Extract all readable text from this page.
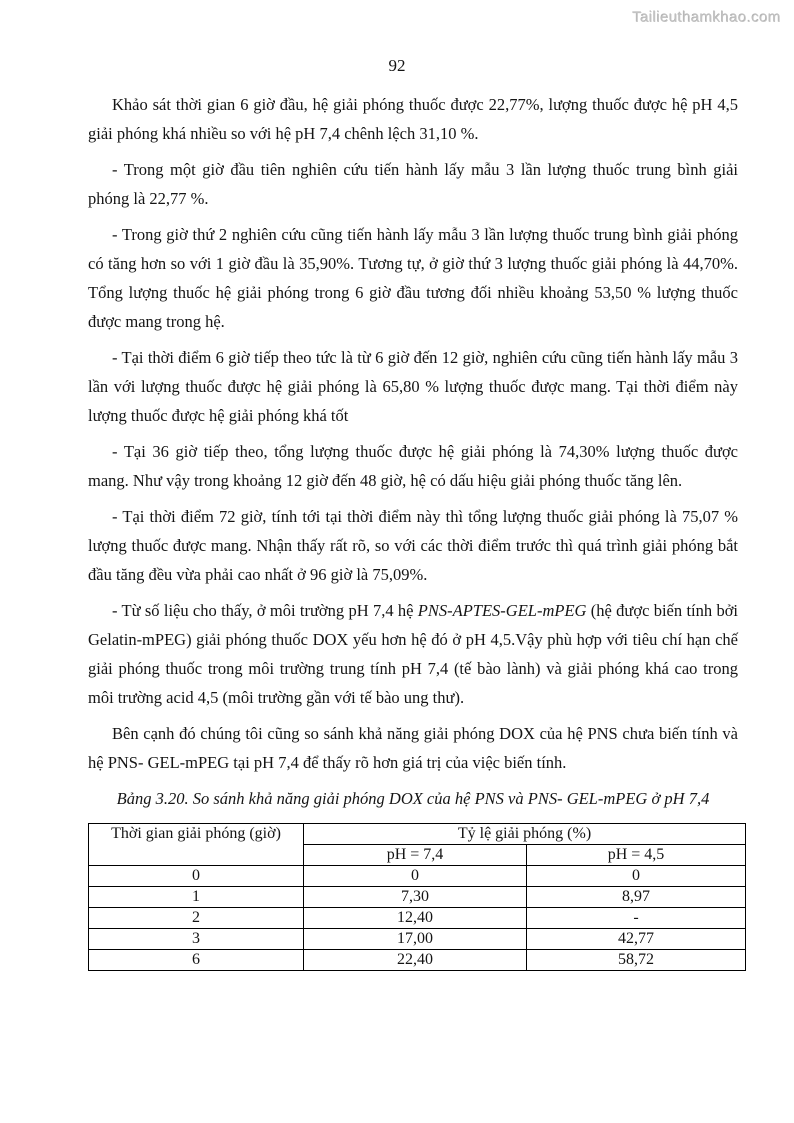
Tailieuthamkhao.com
92

Khảo sát thời gian 6 giờ đầu, hệ giải phóng thuốc được 22,77%, lượng thuốc được hệ pH 4,5 giải phóng khá nhiều so với hệ pH 7,4 chênh lệch 31,10 %.

- Trong một giờ đầu tiên nghiên cứu tiến hành lấy mẫu 3 lần lượng thuốc trung bình giải phóng là 22,77 %.

- Trong giờ thứ 2 nghiên cứu cũng tiến hành lấy mẫu 3 lần lượng thuốc trung bình giải phóng có tăng hơn so với 1 giờ đầu là 35,90%. Tương tự, ở giờ thứ 3 lượng thuốc giải phóng là 44,70%. Tổng lượng thuốc hệ giải phóng trong 6 giờ đầu tương đối nhiều khoảng 53,50 % lượng thuốc được mang trong hệ.

- Tại thời điểm 6 giờ tiếp theo tức là từ 6 giờ đến 12 giờ, nghiên cứu cũng tiến hành lấy mẫu 3 lần với lượng thuốc được hệ giải phóng là 65,80 % lượng thuốc được mang. Tại thời điểm này lượng thuốc được hệ giải phóng khá tốt

- Tại 36 giờ tiếp theo, tổng lượng thuốc được hệ giải phóng là 74,30% lượng thuốc được mang. Như vậy trong khoảng 12 giờ đến 48 giờ, hệ có dấu hiệu giải phóng thuốc tăng lên.

- Tại thời điểm 72 giờ, tính tới tại thời điểm này thì tổng lượng thuốc giải phóng là 75,07 % lượng thuốc được mang. Nhận thấy rất rõ, so với các thời điểm trước thì quá trình giải phóng bắt đầu tăng đều vừa phải cao nhất ở 96 giờ là 75,09%.

- Từ số liệu cho thấy, ở môi trường pH 7,4 hệ PNS-APTES-GEL-mPEG (hệ được biến tính bởi Gelatin-mPEG) giải phóng thuốc DOX yếu hơn hệ đó ở pH 4,5.Vậy phù hợp với tiêu chí hạn chế giải phóng thuốc trong môi trường trung tính pH 7,4 (tế bào lành) và giải phóng khá cao trong môi trường acid 4,5 (môi trường gần với tế bào ung thư).

Bên cạnh đó chúng tôi cũng so sánh khả năng giải phóng DOX của hệ PNS chưa biến tính và hệ PNS- GEL-mPEG tại pH 7,4 để thấy rõ hơn giá trị của việc biến tính.

Bảng 3.20. So sánh khả năng giải phóng DOX của hệ PNS và PNS- GEL-mPEG ở pH 7,4

Thời gian giải phóng (giờ)	Tỷ lệ giải phóng (%)	
	pH = 7,4	pH = 4,5
0	0	0
1	7,30	8,97
2	12,40	-
3	17,00	42,77
6	22,40	58,72
